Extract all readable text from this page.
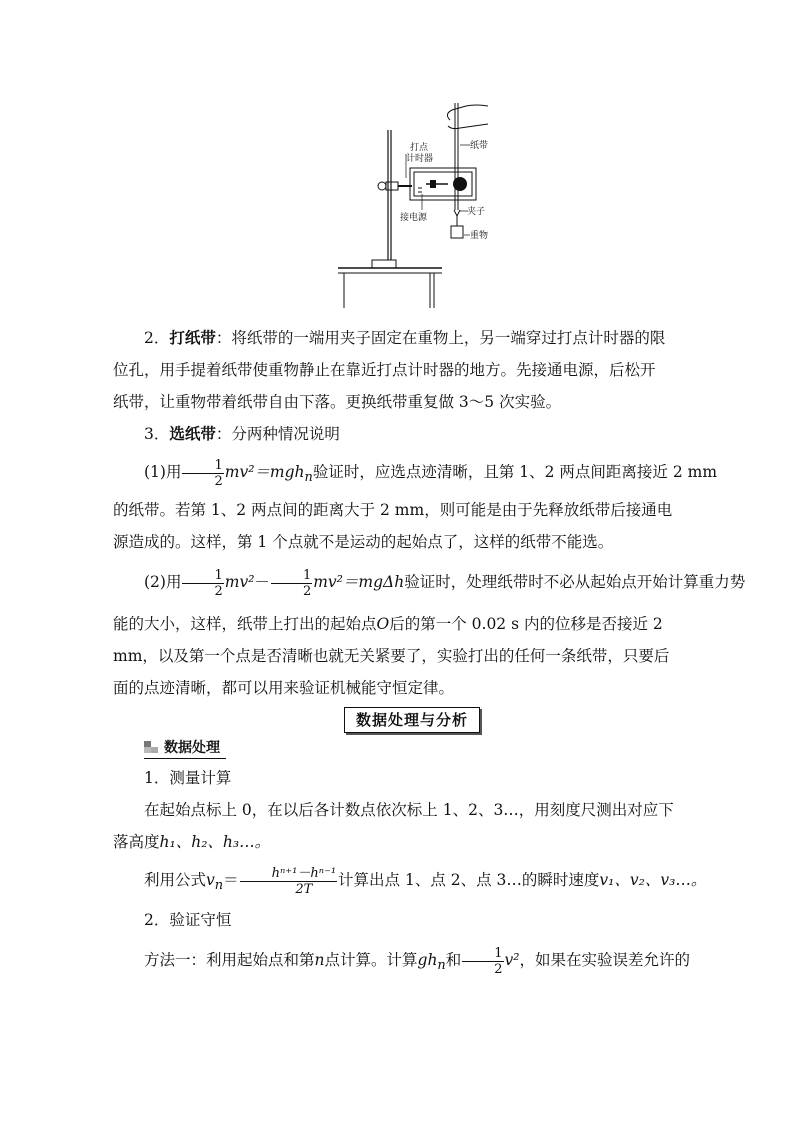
打点
计时器
纸带
接电源
夹子
重物
2．打纸带：将纸带的一端用夹子固定在重物上，另一端穿过打点计时器的限
位孔，用手提着纸带使重物静止在靠近打点计时器的地方。先接通电源，后松开
纸带，让重物带着纸带自由下落。更换纸带重复做 3～5 次实验。
3．选纸带：分两种情况说明
(1)用 $\frac{1}{2} mv^2=mgh_n$验证时，应选点迹清晰，且第 1、2 两点间距离接近 2 mm
的纸带。若第 1、2 两点间的距离大于 2 mm，则可能是由于先释放纸带后接通电
源造成的。这样，第 1 个点就不是运动的起始点了，这样的纸带不能选。
(2)用 $\frac{1}{2} mv^2- \frac{1}{2} mv^2=mg\Delta h$验证时，处理纸带时不必从起始点开始计算重力势
能的大小，这样，纸带上打出的起始点O后的第一个 0.02 s 内的位移是否接近 2
mm，以及第一个点是否清晰也就无关紧要了，实验打出的任何一条纸带，只要后
面的点迹清晰，都可以用来验证机械能守恒定律。
数据处理与分析
数据处理
1．测量计算
在起始点标上 0，在以后各计数点依次标上 1、2、3…，用刻度尺测出对应下
落高度h₁、h₂、h₃…。
利用公式$v_n= \frac{\text{hⁿ⁺¹－hⁿ⁻¹}}{2T}$ 计算出点 1、点 2、点 3…的瞬时速度v₁、v₂、v₃…。
2．验证守恒
方法一：利用起始点和第n点计算。计算$gh_n$和 $\frac{1}{2} v^2$，如果在实验误差允许的
